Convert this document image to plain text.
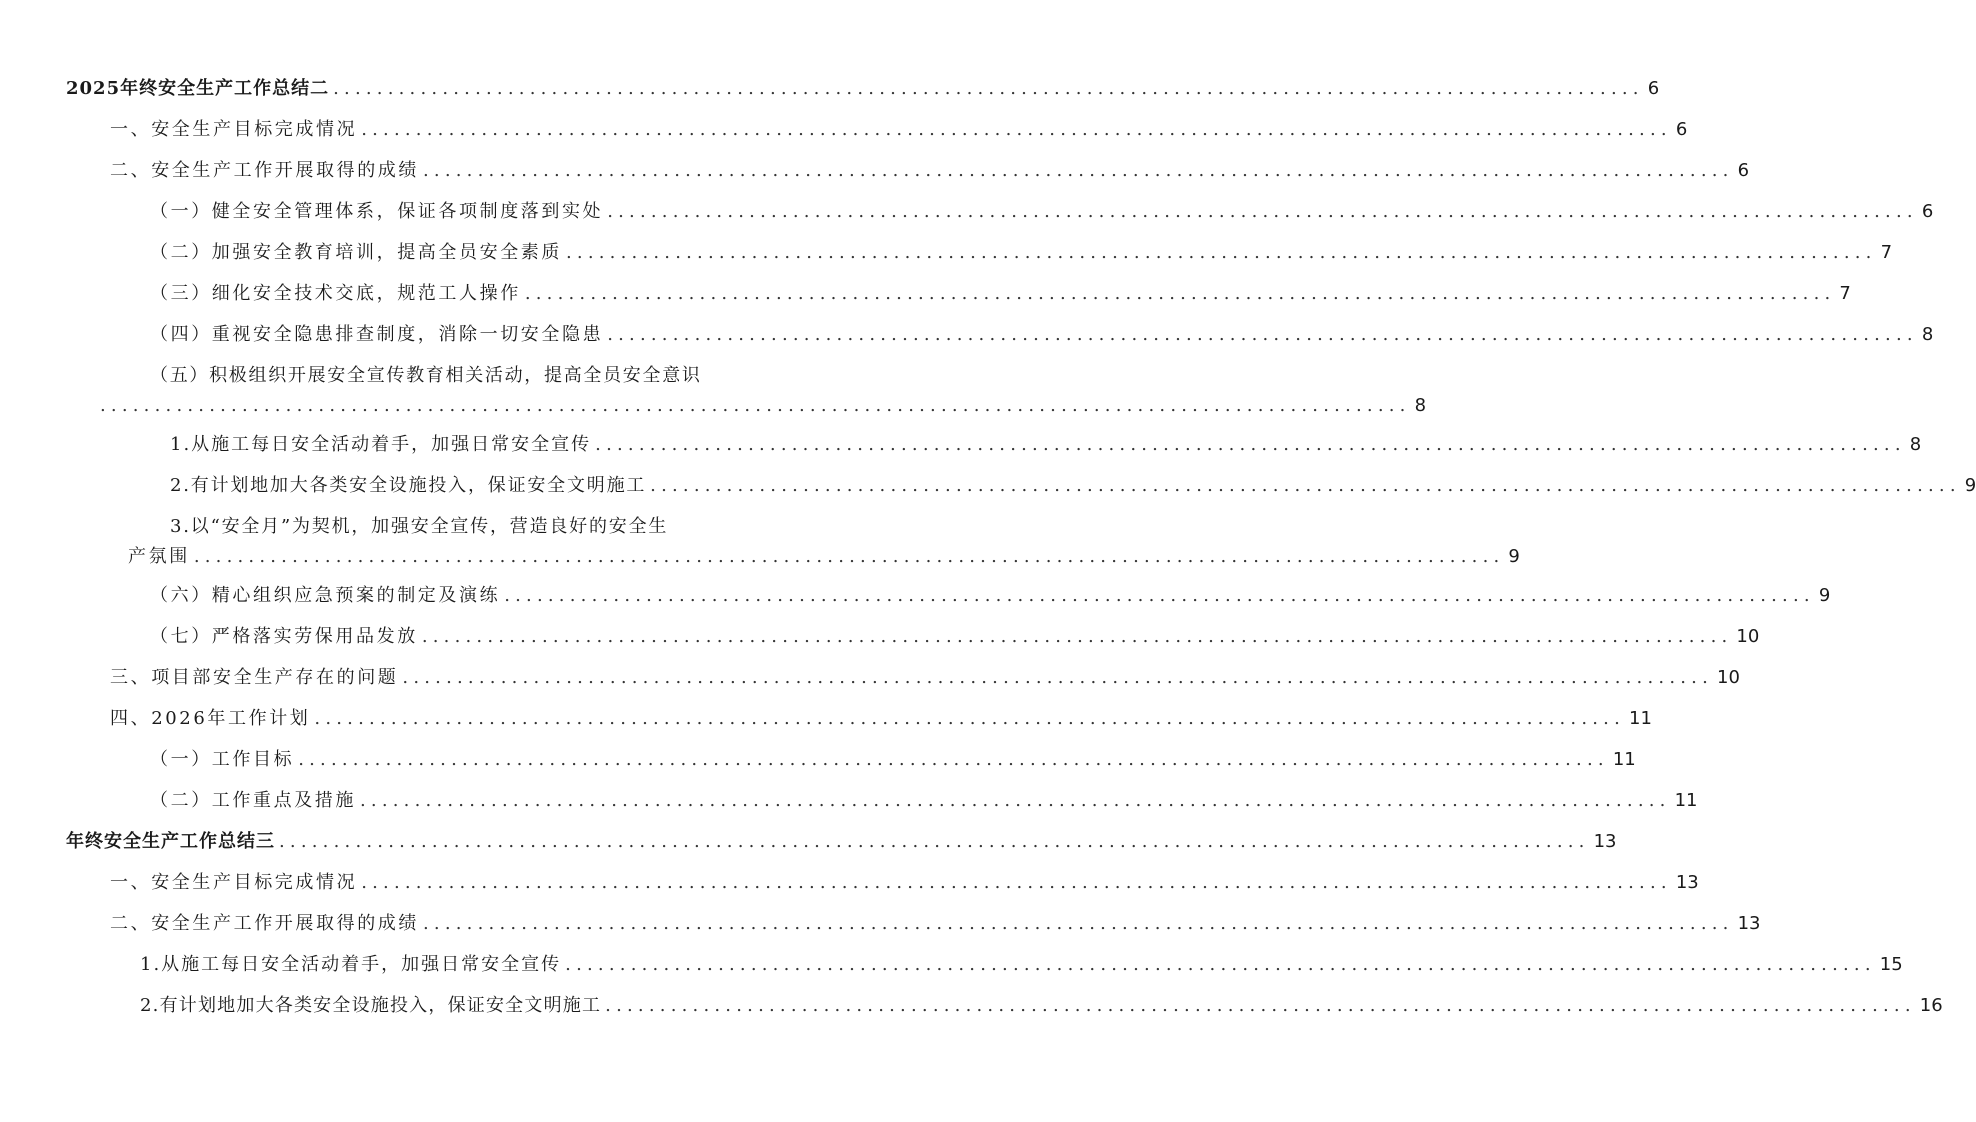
2025年终安全生产工作总结二 ........................................................................................................................ 6
一、安全生产目标完成情况 ........................................................................................................................ 6
二、安全生产工作开展取得的成绩 ........................................................................................................................ 6
（一）健全安全管理体系，保证各项制度落到实处 ........................................................................................................................ 6
（二）加强安全教育培训，提高全员安全素质 ........................................................................................................................ 7
（三）细化安全技术交底，规范工人操作 ........................................................................................................................ 7
（四）重视安全隐患排查制度，消除一切安全隐患 ........................................................................................................................ 8
（五）积极组织开展安全宣传教育相关活动，提高全员安全意识
........................................................................................................................ 8
1.从施工每日安全活动着手，加强日常安全宣传 ........................................................................................................................ 8
2.有计划地加大各类安全设施投入，保证安全文明施工 ........................................................................................................................ 9
3.以“安全月”为契机，加强安全宣传，营造良好的安全生
产氛围 ........................................................................................................................ 9
（六）精心组织应急预案的制定及演练 ........................................................................................................................ 9
（七）严格落实劳保用品发放 ........................................................................................................................ 10
三、项目部安全生产存在的问题 ........................................................................................................................ 10
四、2026年工作计划 ........................................................................................................................ 11
（一）工作目标 ........................................................................................................................ 11
（二）工作重点及措施 ........................................................................................................................ 11
年终安全生产工作总结三 ........................................................................................................................ 13
一、安全生产目标完成情况 ........................................................................................................................ 13
二、安全生产工作开展取得的成绩 ........................................................................................................................ 13
1.从施工每日安全活动着手，加强日常安全宣传 ........................................................................................................................ 15
2.有计划地加大各类安全设施投入，保证安全文明施工 ........................................................................................................................ 16
